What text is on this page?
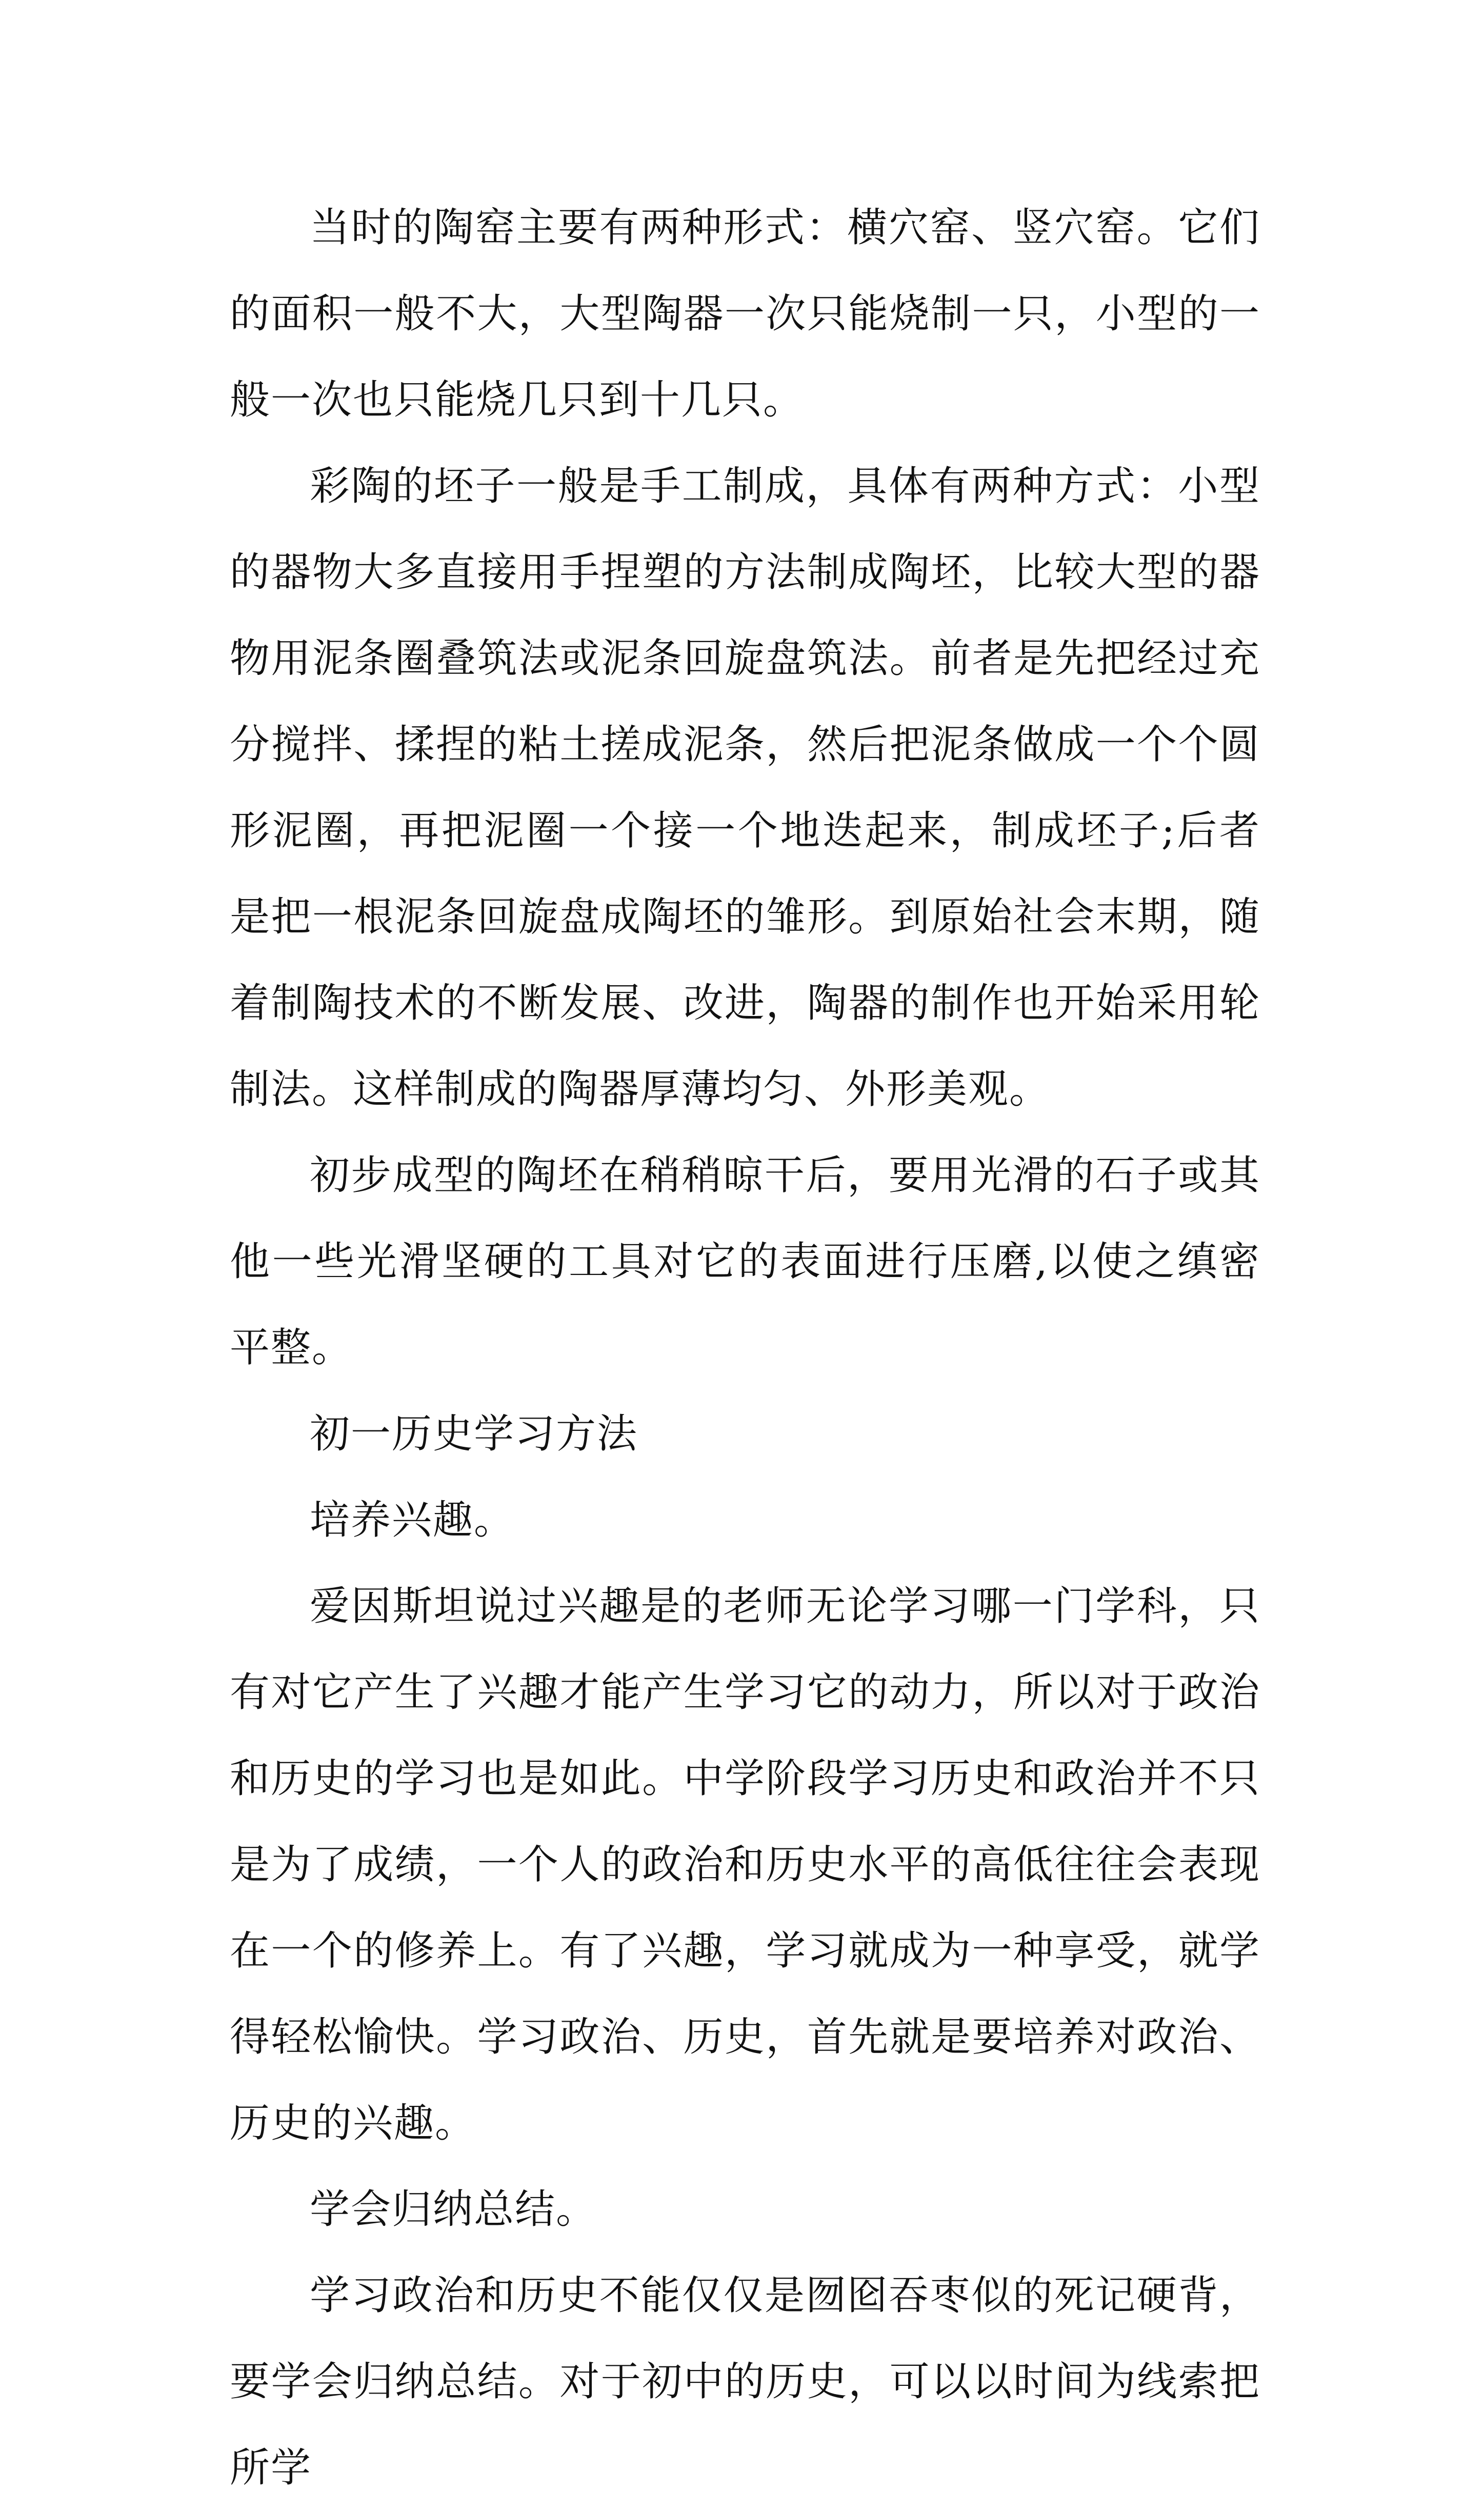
当时的陶窑主要有两种形式：横穴窑、竖穴窑。它们的面积一般不大，大型陶器一次只能烧制一只，小型的一般一次也只能烧几只到十几只。

彩陶的坯子一般是手工制成，具体有两种方式：小型的器物大多直接用手捏塑的方法制成陶坯，比较大型的器物用泥条圈叠筑法或泥条回旋盘筑法。前者是先把经过充分搅拌、揉捏的粘土搓成泥条，然后把泥条做成一个个圆形泥圈，再把泥圈一个接一个地迭起来，制成坯子;后者是把一根泥条回旋盘成陶坯的雏形。到原始社会末期，随着制陶技术的不断发展、改进，陶器的制作也开始采用轮制法。这样制成的陶器厚薄均匀、外形美观。

初步成型的陶坯在稍稍晾干后，要用光滑的石子或其他一些光滑坚硬的工具对它的表面进行压磨,以使之缜密平整。

初一历史学习方法

培养兴趣。

爱因斯坦说过兴趣是的老师无论学习哪一门学科，只有对它产生了兴趣才能产生学习它的动力，所以对于政治和历史的学习也是如此。中学阶段学习历史和政治并不只是为了成绩，一个人的政治和历史水平的高低往往会表现在一个的修养上。有了兴趣，学习就成为一种享受，就学得轻松愉快。学习政治、历史，首先就是要培养对政治、历史的兴趣。

学会归纳总结。

学习政治和历史不能仅仅是囫囵吞枣似的死记硬背，要学会归纳总结。对于初中的历史，可以以时间为线索把所学
